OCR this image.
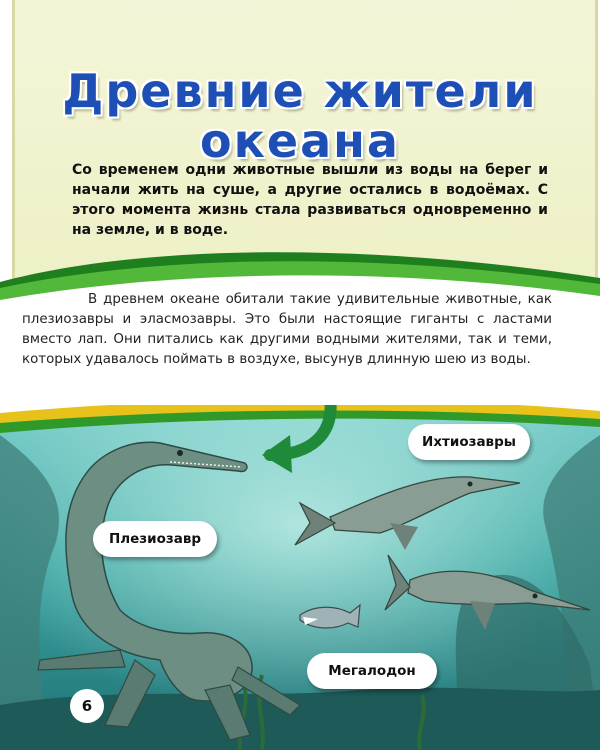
Древние жители
океана

Со временем одни животные вышли из воды на берег и начали жить на суше, а другие остались в водоёмах. С этого момента жизнь стала развиваться одновременно и на земле, и в воде.

В древнем океане обитали такие удивительные животные, как плезиозавры и эласмозавры. Это были настоящие гиганты с ластами вместо лап. Они питались как другими водными жителями, так и теми, которых удавалось поймать в воздухе, высунув длинную шею из воды.

Ихтиозавры
Плезиозавр
Мегалодон
6
